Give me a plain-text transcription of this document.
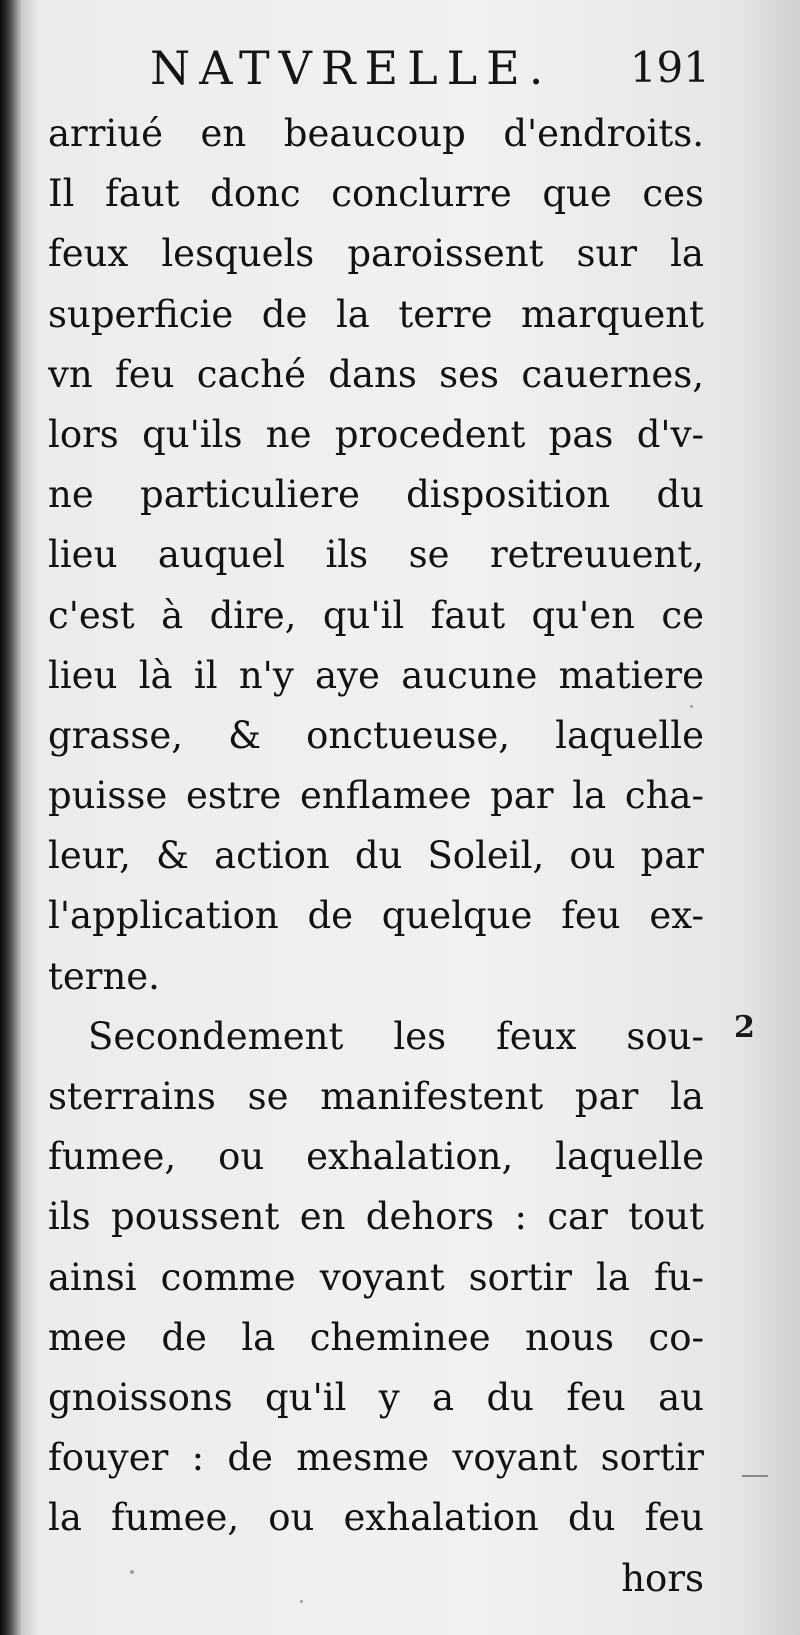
NATVRELLE. 191
arriué en beaucoup d'endroits.
Il faut donc conclurre que ces
feux lesquels paroissent sur la
superficie de la terre marquent
vn feu caché dans ses cauernes,
lors qu'ils ne procedent pas d'v-
ne particuliere disposition du
lieu auquel ils se retreuuent,
c'est à dire, qu'il faut qu'en ce
lieu là il n'y aye aucune matiere
grasse, & onctueuse, laquelle
puisse estre enflamee par la cha-
leur, & action du Soleil, ou par
l'application de quelque feu ex-
terne.
Secondement les feux sou-
sterrains se manifestent par la
fumee, ou exhalation, laquelle
ils poussent en dehors : car tout
ainsi comme voyant sortir la fu-
mee de la cheminee nous co-
gnoissons qu'il y a du feu au
fouyer : de mesme voyant sortir
la fumee, ou exhalation du feu
hors
2
